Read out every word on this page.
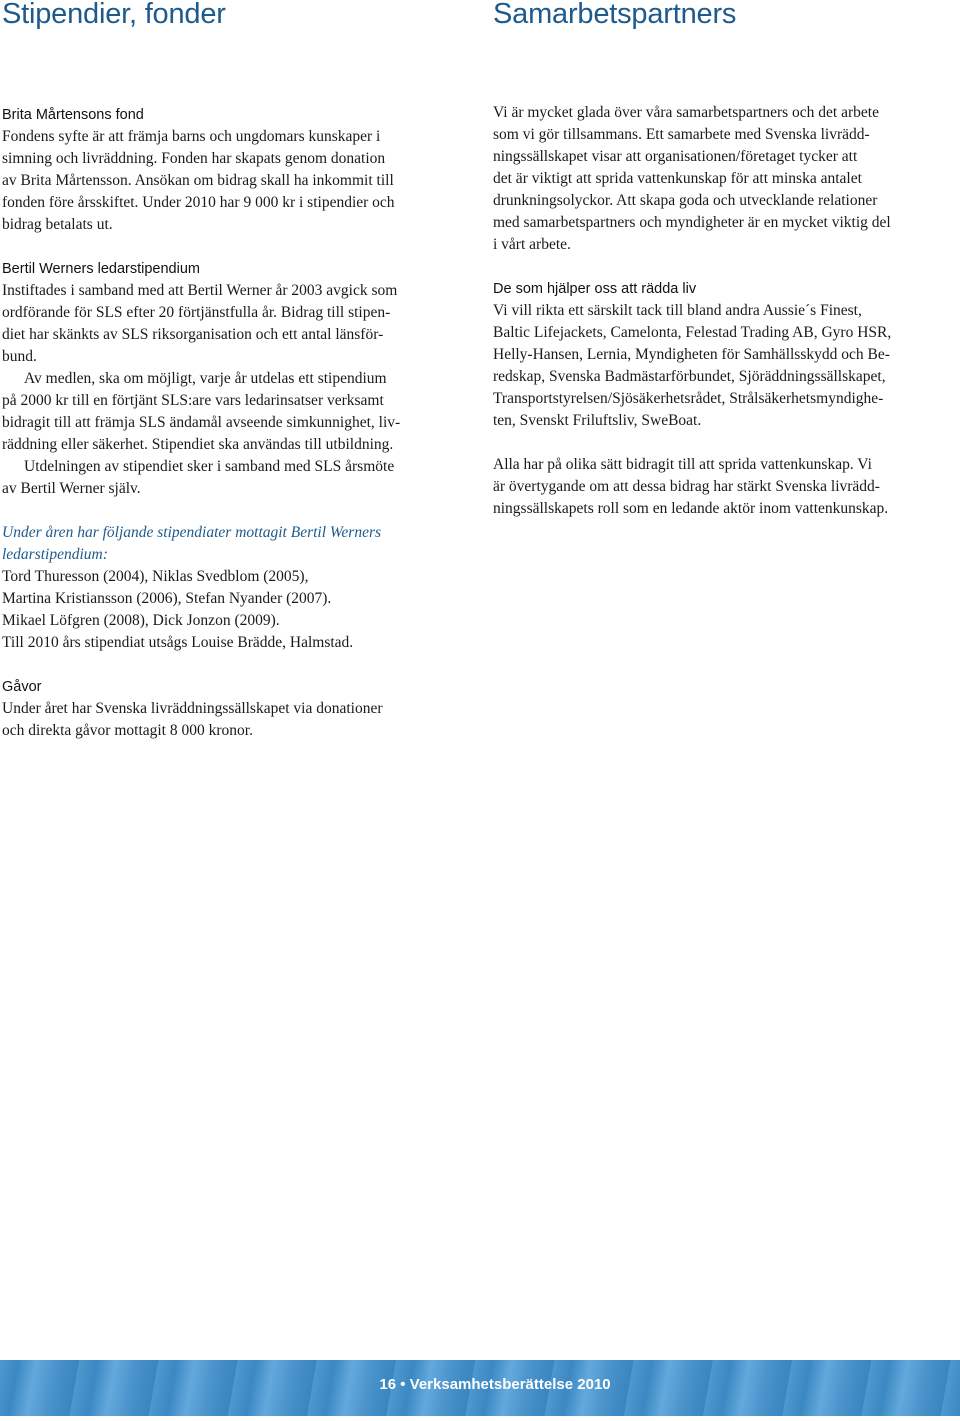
Stipendier, fonder	Samarbetspartners
Brita Mårtensons fond

Fondens syfte är att främja barns och ungdomars kunskaper i
simning och livräddning. Fonden har skapats genom donation
av Brita Mårtensson. Ansökan om bidrag skall ha inkommit till
fonden före årsskiftet. Under 2010 har 9 000 kr i stipendier och
bidrag betalats ut.

Bertil Werners ledarstipendium

Instiftades i samband med att Bertil Werner år 2003 avgick som
ordförande för SLS efter 20 förtjänstfulla år. Bidrag till stipen-
diet har skänkts av SLS riksorganisation och ett antal länsför-
bund.

Av medlen, ska om möjligt, varje år utdelas ett stipendium
på 2000 kr till en förtjänt SLS:are vars ledarinsatser verksamt
bidragit till att främja SLS ändamål avseende simkunnighet, liv-
räddning eller säkerhet. Stipendiet ska användas till utbildning.

Utdelningen av stipendiet sker i samband med SLS årsmöte
av Bertil Werner själv.

Under åren har följande stipendiater mottagit Bertil Werners
ledarstipendium:

Tord Thuresson (2004), Niklas Svedblom (2005),
Martina Kristiansson (2006), Stefan Nyander (2007).
Mikael Löfgren (2008), Dick Jonzon (2009).
Till 2010 års stipendiat utsågs Louise Brädde, Halmstad.

Gåvor

Under året har Svenska livräddningssällskapet via donationer
och direkta gåvor mottagit 8 000 kronor.

Vi är mycket glada över våra samarbetspartners och det arbete
som vi gör tillsammans. Ett samarbete med Svenska livrädd-
ningssällskapet visar att organisationen/företaget tycker att
det är viktigt att sprida vattenkunskap för att minska antalet
drunkningsolyckor. Att skapa goda och utvecklande relationer
med samarbetspartners och myndigheter är en mycket viktig del
i vårt arbete.

De som hjälper oss att rädda liv

Vi vill rikta ett särskilt tack till bland andra Aussie´s Finest,
Baltic Lifejackets, Camelonta, Felestad Trading AB, Gyro HSR,
Helly-Hansen, Lernia, Myndigheten för Samhällsskydd och Be-
redskap, Svenska Badmästarförbundet, Sjöräddningssällskapet,
Transportstyrelsen/Sjösäkerhetsrådet, Strålsäkerhetsmyndighe-
ten, Svenskt Friluftsliv, SweBoat.

Alla har på olika sätt bidragit till att sprida vattenkunskap. Vi
är övertygande om att dessa bidrag har stärkt Svenska livrädd-
ningssällskapets roll som en ledande aktör inom vattenkunskap.

16 • Verksamhetsberättelse 2010
